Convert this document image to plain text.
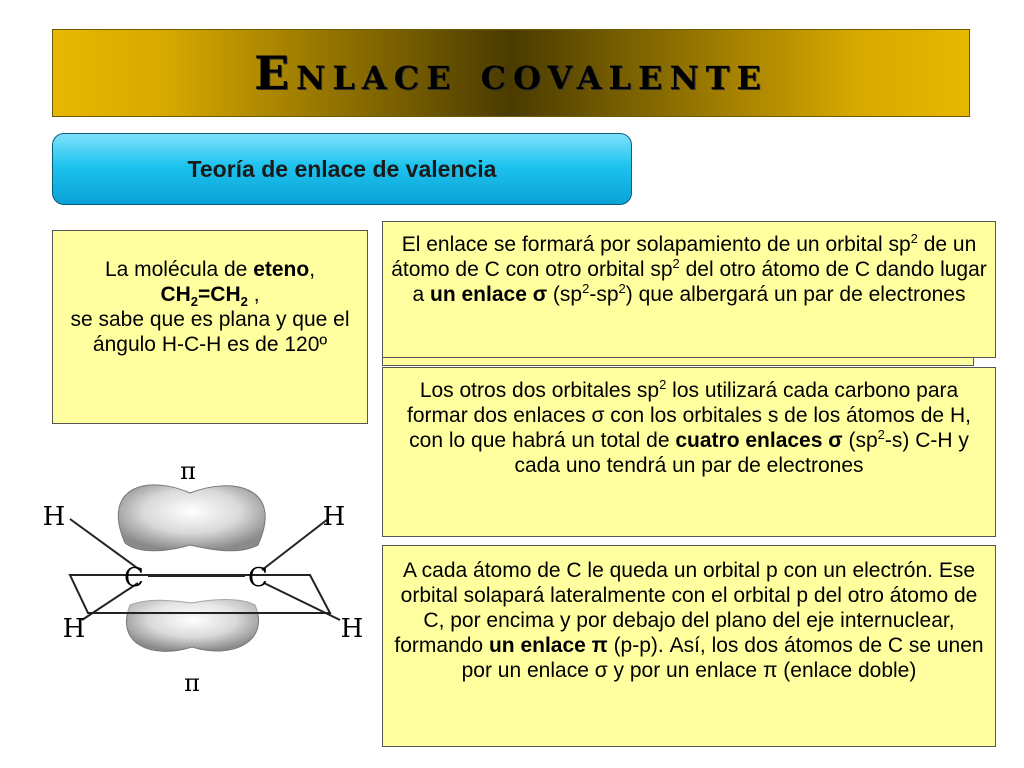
Enlace covalente
Teoría de enlace de valencia
La molécula de eteno,
$CH_2=CH_2$ ,
se sabe que es plana y que el ángulo H-C-H es de 120º
El enlace se formará por solapamiento de un orbital $sp^2$ de un átomo de C con otro orbital $sp^2$ del otro átomo de C dando lugar a un enlace σ $(sp^2-sp^2)$ que albergará un par de electrones
Los otros dos orbitales $sp^2$ los utilizará cada carbono para formar dos enlaces σ con los orbitales s de los átomos de H, con lo que habrá un total de cuatro enlaces σ $(sp^2-s)$ C-H y cada uno tendrá un par de electrones
A cada átomo de C le queda un orbital p con un electrón. Ese orbital solapará lateralmente con el orbital p del otro átomo de C, por encima y por debajo del plano del eje internuclear, formando un enlace π (p-p). Así, los dos átomos de C se unen por un enlace σ y por un enlace π (enlace doble)
π
π
H	H
H	H
C	C
